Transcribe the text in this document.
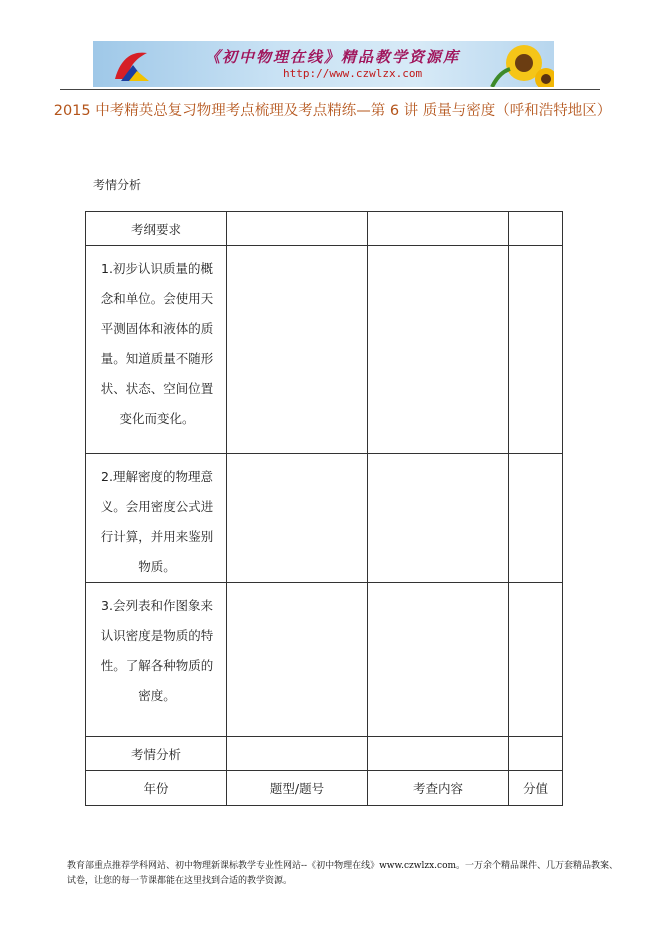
《初中物理在线》精品教学资源库
http://www.czwlzx.com
2015 中考精英总复习物理考点梳理及考点精练—第 6 讲 质量与密度（呼和浩特地区）
考情分析
考纲要求			
1.初步认识质量的概念和单位。会使用天平测固体和液体的质量。知道质量不随形状、状态、空间位置变化而变化。			
2.理解密度的物理意义。会用密度公式进行计算，并用来鉴别物质。			
3.会列表和作图象来认识密度是物质的特性。了解各种物质的密度。			
考情分析			
年份	题型/题号	考查内容	分值
教育部重点推荐学科网站、初中物理新课标教学专业性网站--《初中物理在线》www.czwlzx.com。一万余个精品课件、几万套精品教案、试卷，让您的每一节课都能在这里找到合适的教学资源。
